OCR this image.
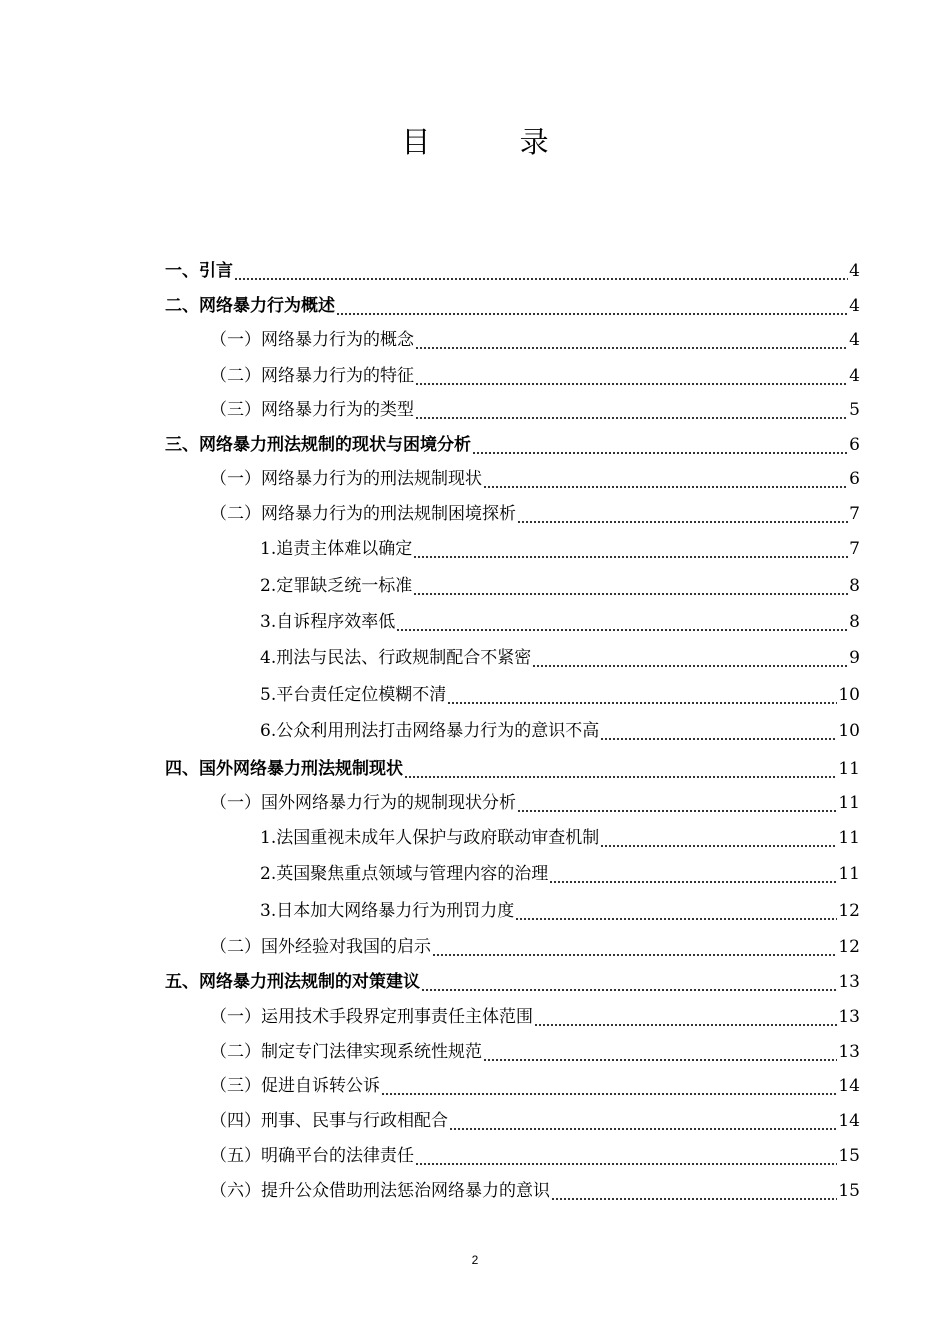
目 录
一、引言	4
二、网络暴力行为概述	4
（一）网络暴力行为的概念	4
（二）网络暴力行为的特征	4
（三）网络暴力行为的类型	5
三、网络暴力刑法规制的现状与困境分析	6
（一）网络暴力行为的刑法规制现状	6
（二）网络暴力行为的刑法规制困境探析	7
1.追责主体难以确定	7
2.定罪缺乏统一标准	8
3.自诉程序效率低	8
4.刑法与民法、行政规制配合不紧密	9
5.平台责任定位模糊不清	10
6.公众利用刑法打击网络暴力行为的意识不高	10
四、国外网络暴力刑法规制现状	11
（一）国外网络暴力行为的规制现状分析	11
1.法国重视未成年人保护与政府联动审查机制	11
2.英国聚焦重点领域与管理内容的治理	11
3.日本加大网络暴力行为刑罚力度	12
（二）国外经验对我国的启示	12
五、网络暴力刑法规制的对策建议	13
（一）运用技术手段界定刑事责任主体范围	13
（二）制定专门法律实现系统性规范	13
（三）促进自诉转公诉	14
（四）刑事、民事与行政相配合	14
（五）明确平台的法律责任	15
（六）提升公众借助刑法惩治网络暴力的意识	15
2
